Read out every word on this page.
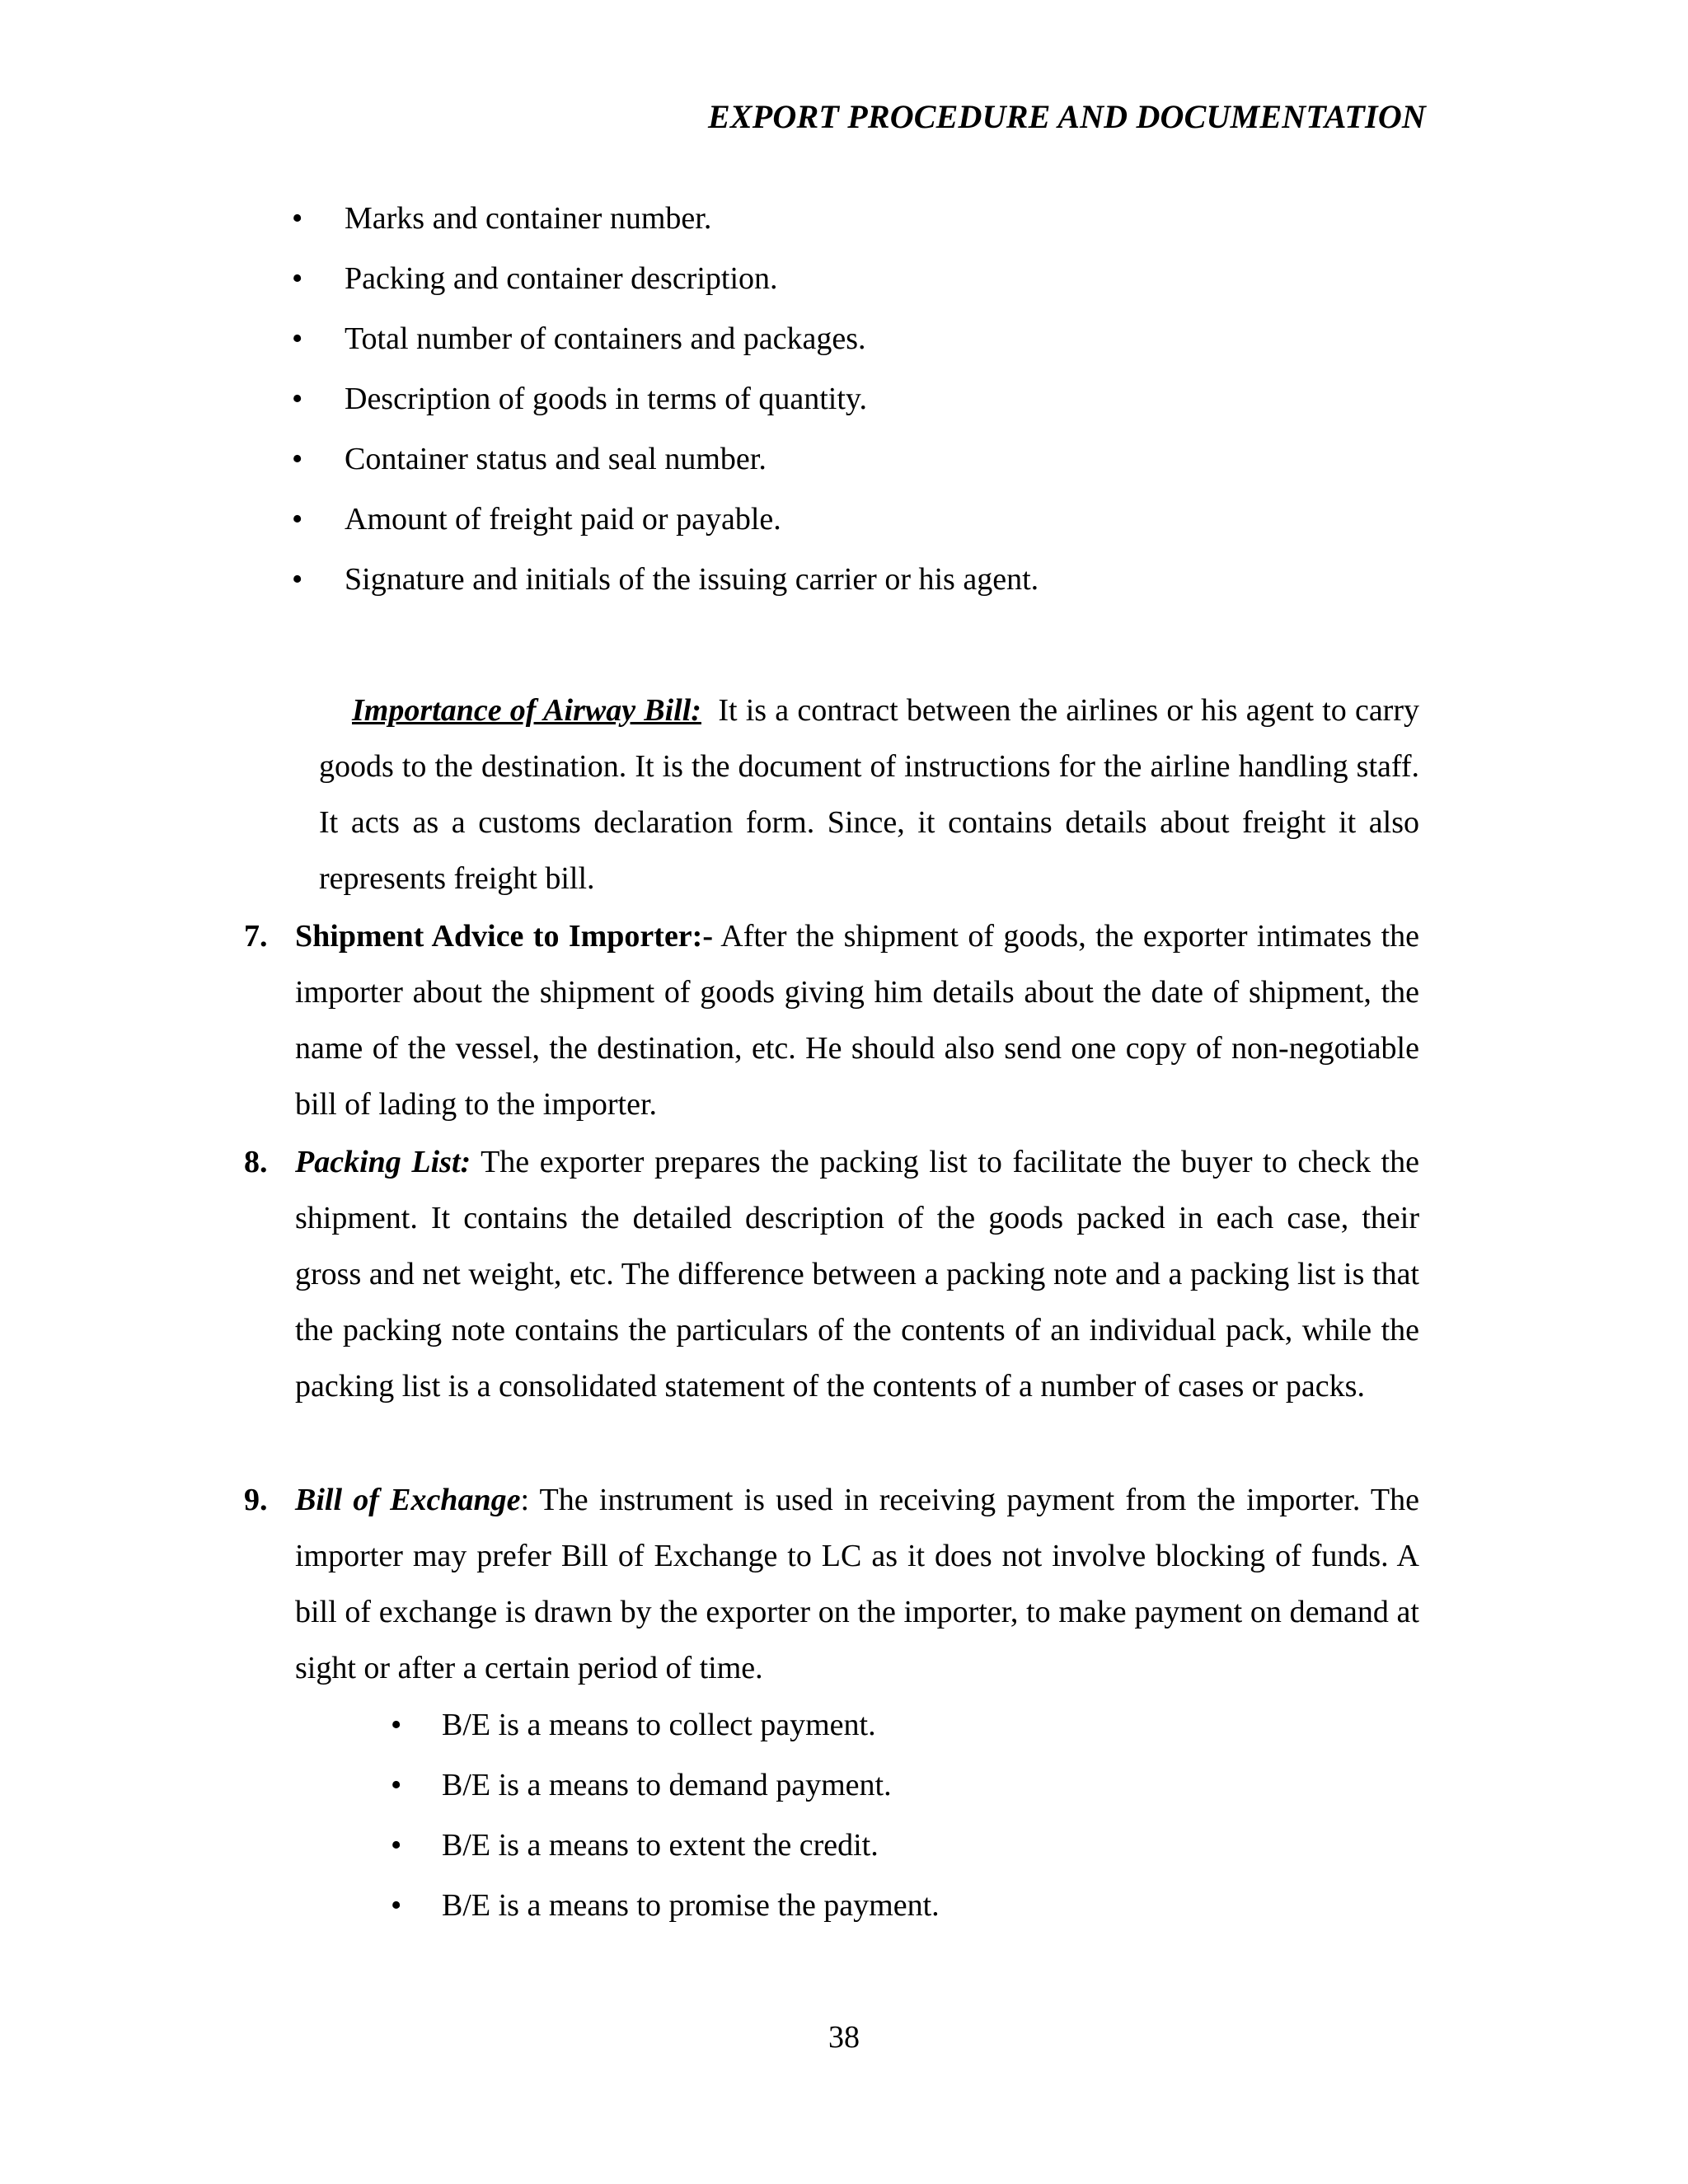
EXPORT PROCEDURE AND DOCUMENTATION
• Marks and container number.
• Packing and container description.
• Total number of containers and packages.
• Description of goods in terms of quantity.
• Container status and seal number.
• Amount of freight paid or payable.
• Signature and initials of the issuing carrier or his agent.

Importance of Airway Bill: It is a contract between the airlines or his agent to carry goods to the destination. It is the document of instructions for the airline handling staff. It acts as a customs declaration form. Since, it contains details about freight it also represents freight bill.

7. Shipment Advice to Importer:- After the shipment of goods, the exporter intimates the importer about the shipment of goods giving him details about the date of shipment, the name of the vessel, the destination, etc. He should also send one copy of non-negotiable bill of lading to the importer.
8. Packing List: The exporter prepares the packing list to facilitate the buyer to check the shipment. It contains the detailed description of the goods packed in each case, their gross and net weight, etc. The difference between a packing note and a packing list is that the packing note contains the particulars of the contents of an individual pack, while the packing list is a consolidated statement of the contents of a number of cases or packs.
9. Bill of Exchange: The instrument is used in receiving payment from the importer. The importer may prefer Bill of Exchange to LC as it does not involve blocking of funds. A bill of exchange is drawn by the exporter on the importer, to make payment on demand at sight or after a certain period of time.
• B/E is a means to collect payment.
• B/E is a means to demand payment.
• B/E is a means to extent the credit.
• B/E is a means to promise the payment.
38
